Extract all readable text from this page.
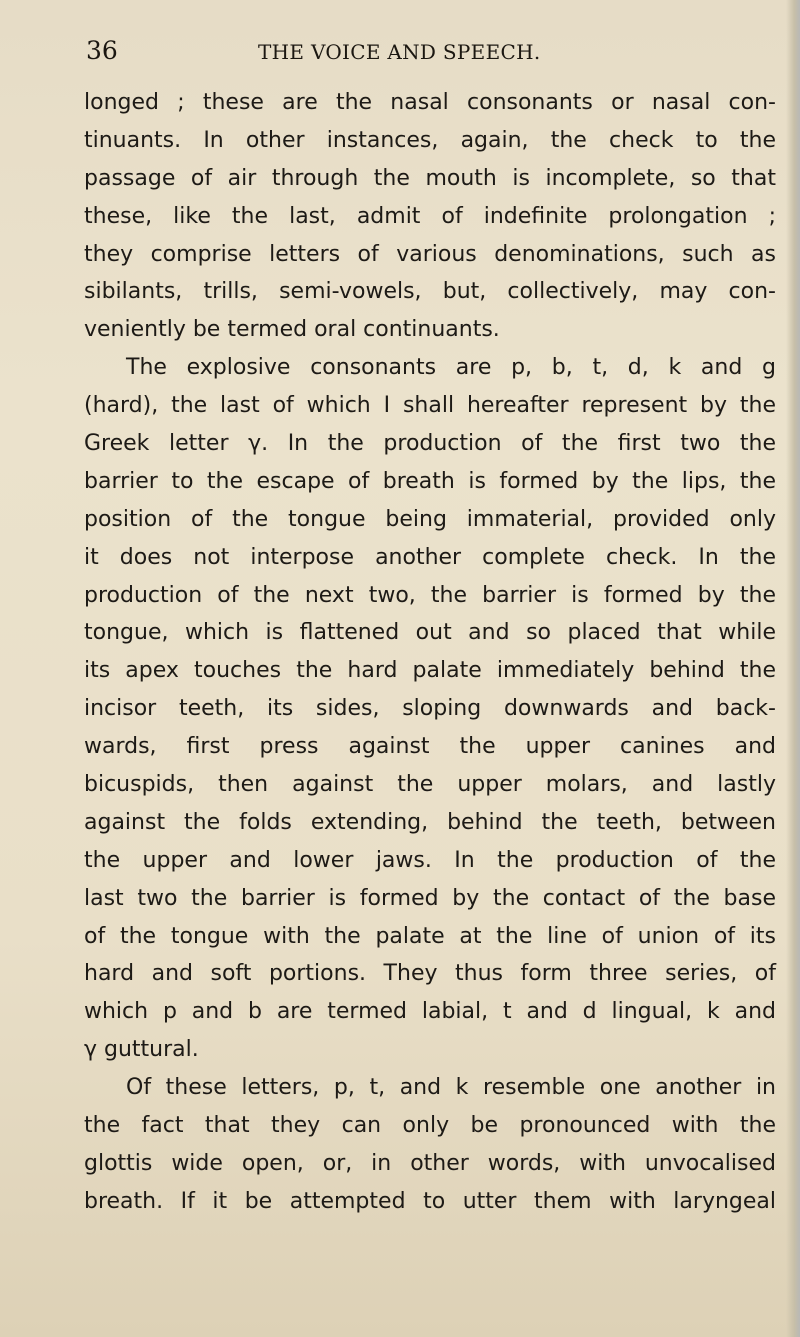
36	THE VOICE AND SPEECH.
longed ; these are the nasal consonants or nasal con-
tinuants. In other instances, again, the check to the
passage of air through the mouth is incomplete, so that
these, like the last, admit of indefinite prolongation ;
they comprise letters of various denominations, such as
sibilants, trills, semi-vowels, but, collectively, may con-
veniently be termed oral continuants.
The explosive consonants are p, b, t, d, k and g
(hard), the last of which I shall hereafter represent by the
Greek letter γ. In the production of the first two the
barrier to the escape of breath is formed by the lips, the
position of the tongue being immaterial, provided only
it does not interpose another complete check. In the
production of the next two, the barrier is formed by the
tongue, which is flattened out and so placed that while
its apex touches the hard palate immediately behind the
incisor teeth, its sides, sloping downwards and back-
wards, first press against the upper canines and
bicuspids, then against the upper molars, and lastly
against the folds extending, behind the teeth, between
the upper and lower jaws. In the production of the
last two the barrier is formed by the contact of the base
of the tongue with the palate at the line of union of its
hard and soft portions. They thus form three series, of
which p and b are termed labial, t and d lingual, k and
γ guttural.
Of these letters, p, t, and k resemble one another in
the fact that they can only be pronounced with the
glottis wide open, or, in other words, with unvocalised
breath. If it be attempted to utter them with laryngeal
